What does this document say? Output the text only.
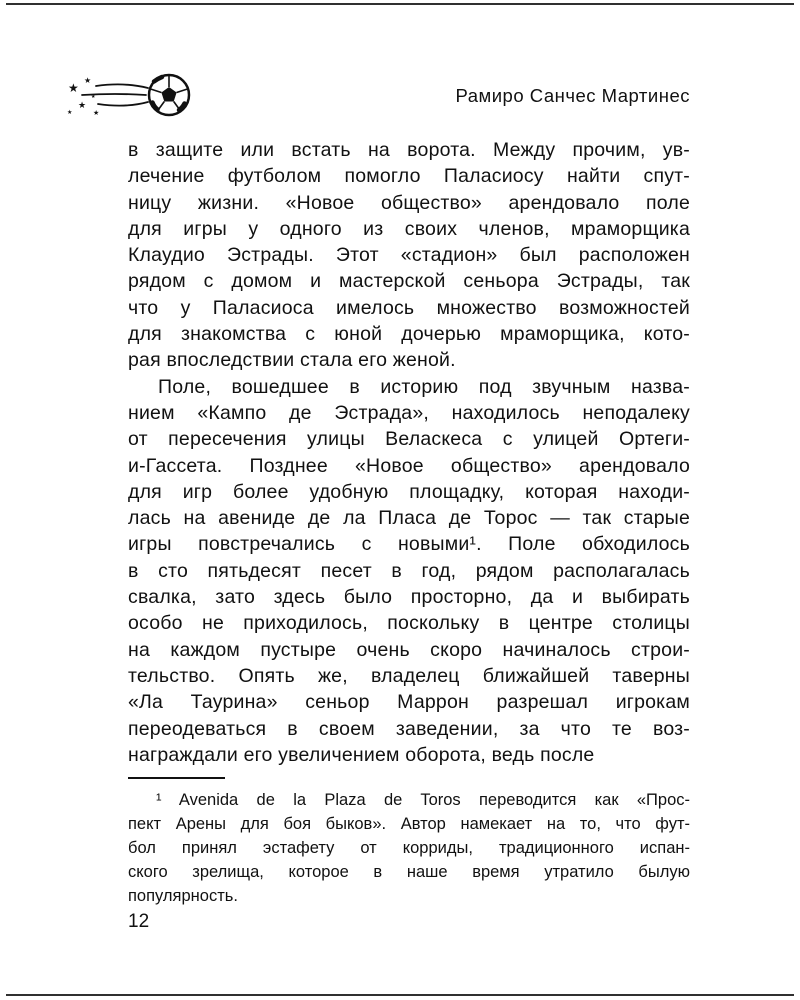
★
★
★
★
★
★
Рамиро Санчес Мартинес
в защите или встать на ворота. Между прочим, ув-
лечение футболом помогло Паласиосу найти спут-
ницу жизни. «Новое общество» арендовало поле
для игры у одного из своих членов, мраморщика
Клаудио Эстрады. Этот «стадион» был расположен
рядом с домом и мастерской сеньора Эстрады, так
что у Паласиоса имелось множество возможностей
для знакомства с юной дочерью мраморщика, кото-
рая впоследствии стала его женой.
Поле, вошедшее в историю под звучным назва-
нием «Кампо де Эстрада», находилось неподалеку
от пересечения улицы Веласкеса с улицей Ортеги-
и-Гассета. Позднее «Новое общество» арендовало
для игр более удобную площадку, которая находи-
лась на авениде де ла Пласа де Торос — так старые
игры повстречались с новыми¹. Поле обходилось
в сто пятьдесят песет в год, рядом располагалась
свалка, зато здесь было просторно, да и выбирать
особо не приходилось, поскольку в центре столицы
на каждом пустыре очень скоро начиналось строи-
тельство. Опять же, владелец ближайшей таверны
«Ла Таурина» сеньор Маррон разрешал игрокам
переодеваться в своем заведении, за что те воз-
награждали его увеличением оборота, ведь после
¹ Avenida de la Plaza de Toros переводится как «Прос-
пект Арены для боя быков». Автор намекает на то, что фут-
бол принял эстафету от корриды, традиционного испан-
ского зрелища, которое в наше время утратило былую
популярность.
12
